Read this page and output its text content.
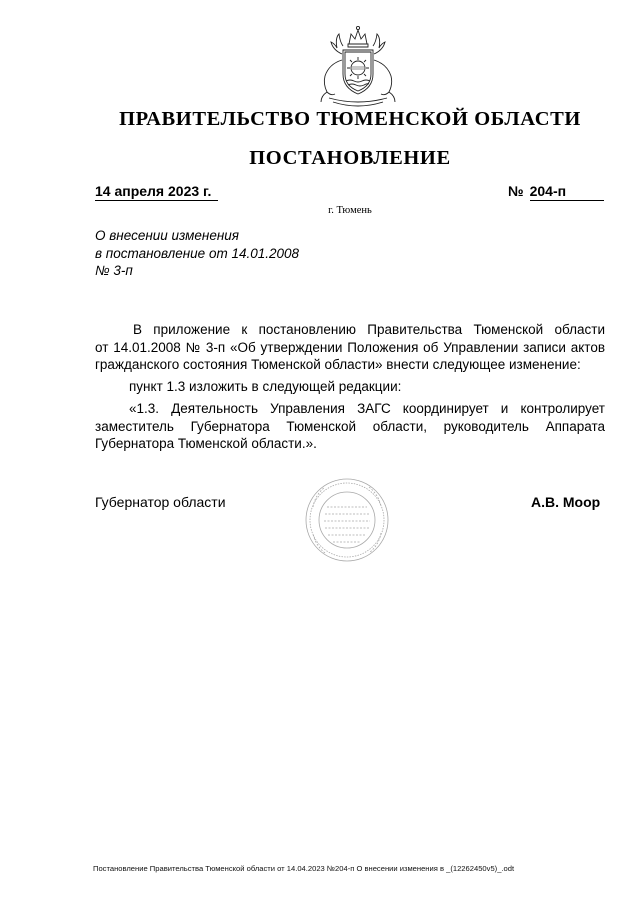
ПРАВИТЕЛЬСТВО ТЮМЕНСКОЙ ОБЛАСТИ
ПОСТАНОВЛЕНИЕ
14 апреля 2023 г.	№ 204-п
г. Тюмень
О внесении изменения
в постановление от 14.01.2008
№ 3-п
В приложение к постановлению Правительства Тюменской области
от 14.01.2008 № 3-п «Об утверждении Положения об Управлении записи актов
гражданского состояния Тюменской области» внести следующее изменение:
пункт 1.3 изложить в следующей редакции:
«1.3. Деятельность Управления ЗАГС координирует и контролирует
заместитель Губернатора Тюменской области, руководитель Аппарата
Губернатора Тюменской области.».
Губернатор области	А.В. Моор
Постановление Правительства Тюменской области от 14.04.2023 №204-п О внесении изменения в _(12262450v5)_.odt
